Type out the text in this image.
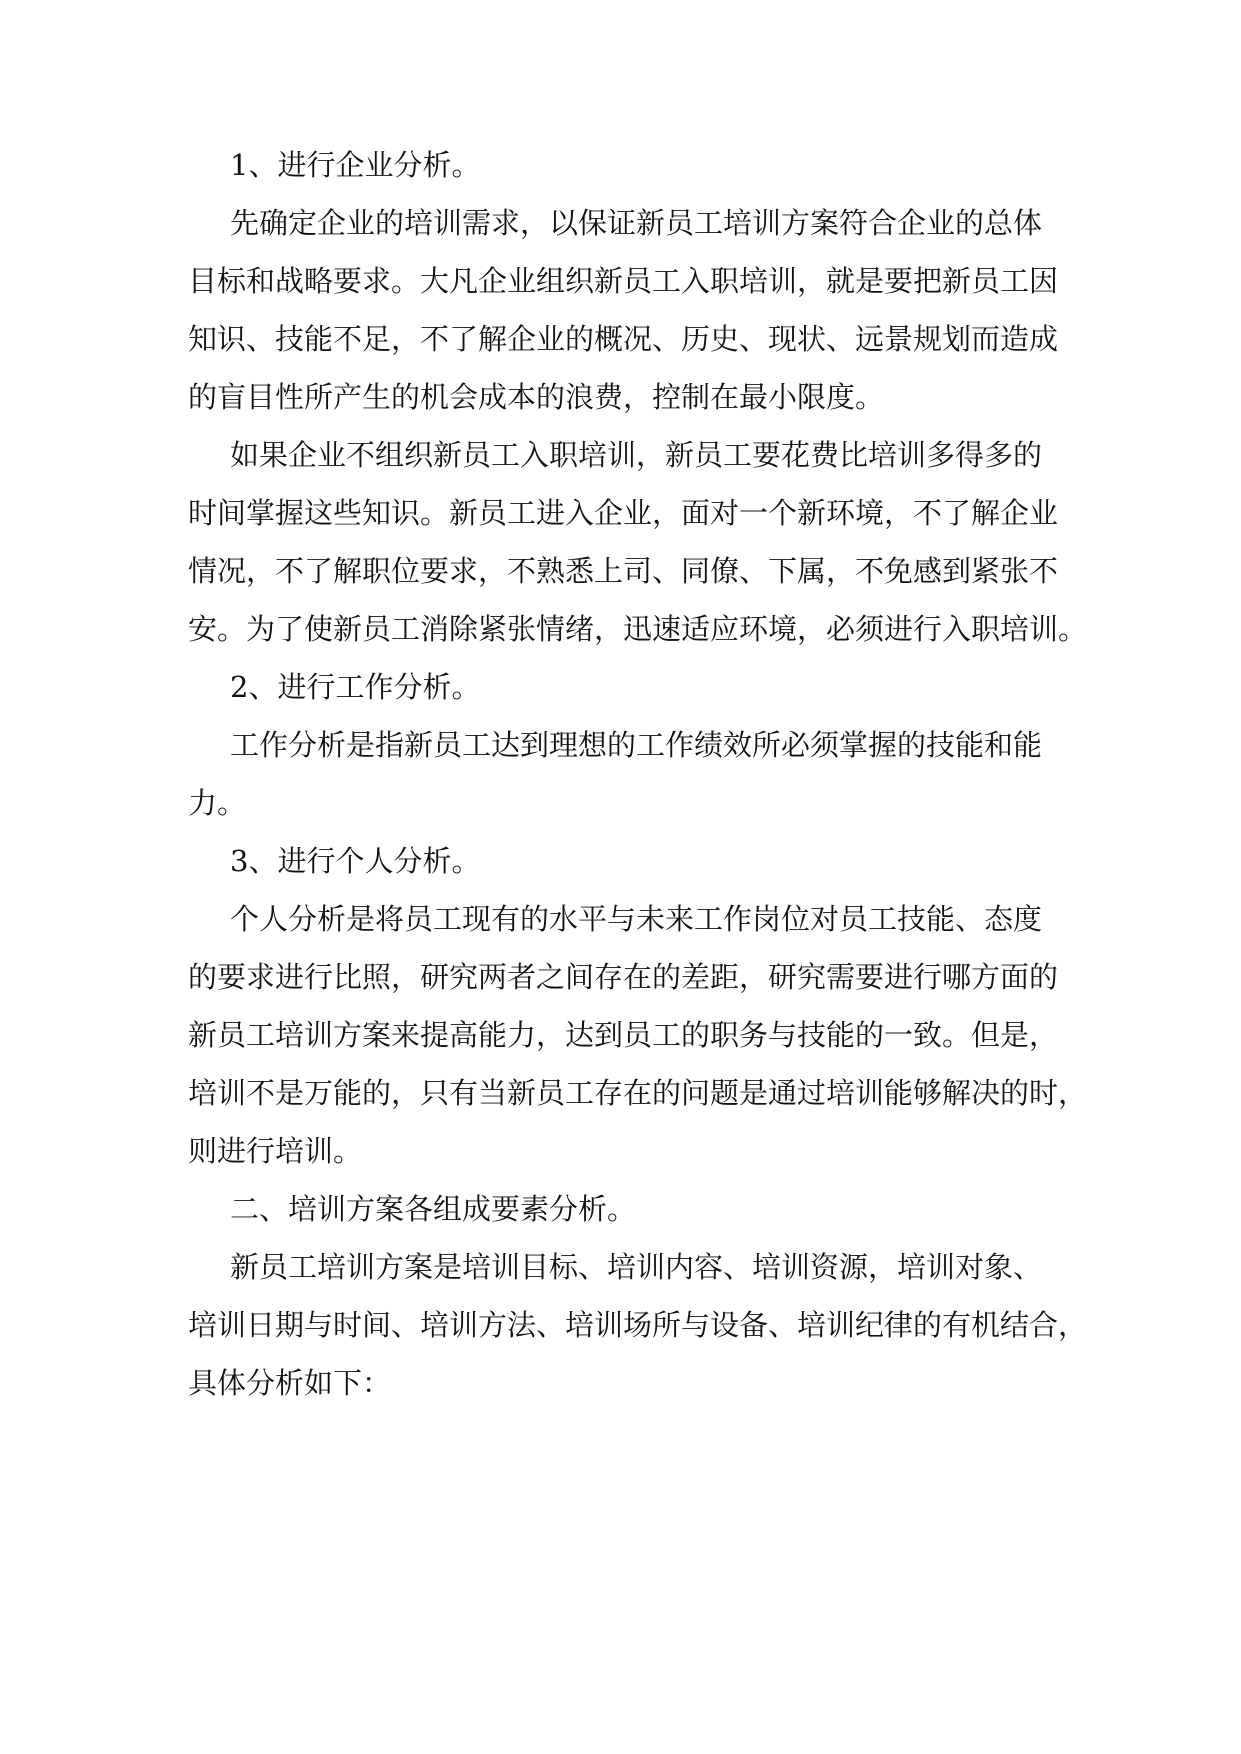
1、进行企业分析。

先确定企业的培训需求，以保证新员工培训方案符合企业的总体

目标和战略要求。大凡企业组织新员工入职培训，就是要把新员工因

知识、技能不足，不了解企业的概况、历史、现状、远景规划而造成

的盲目性所产生的机会成本的浪费，控制在最小限度。

如果企业不组织新员工入职培训，新员工要花费比培训多得多的

时间掌握这些知识。新员工进入企业，面对一个新环境，不了解企业

情况，不了解职位要求，不熟悉上司、同僚、下属，不免感到紧张不

安。为了使新员工消除紧张情绪，迅速适应环境，必须进行入职培训。

2、进行工作分析。

工作分析是指新员工达到理想的工作绩效所必须掌握的技能和能

力。

3、进行个人分析。

个人分析是将员工现有的水平与未来工作岗位对员工技能、态度

的要求进行比照，研究两者之间存在的差距，研究需要进行哪方面的

新员工培训方案来提高能力，达到员工的职务与技能的一致。但是，

培训不是万能的，只有当新员工存在的问题是通过培训能够解决的时，

则进行培训。

二、培训方案各组成要素分析。

新员工培训方案是培训目标、培训内容、培训资源，培训对象、

培训日期与时间、培训方法、培训场所与设备、培训纪律的有机结合，

具体分析如下：
